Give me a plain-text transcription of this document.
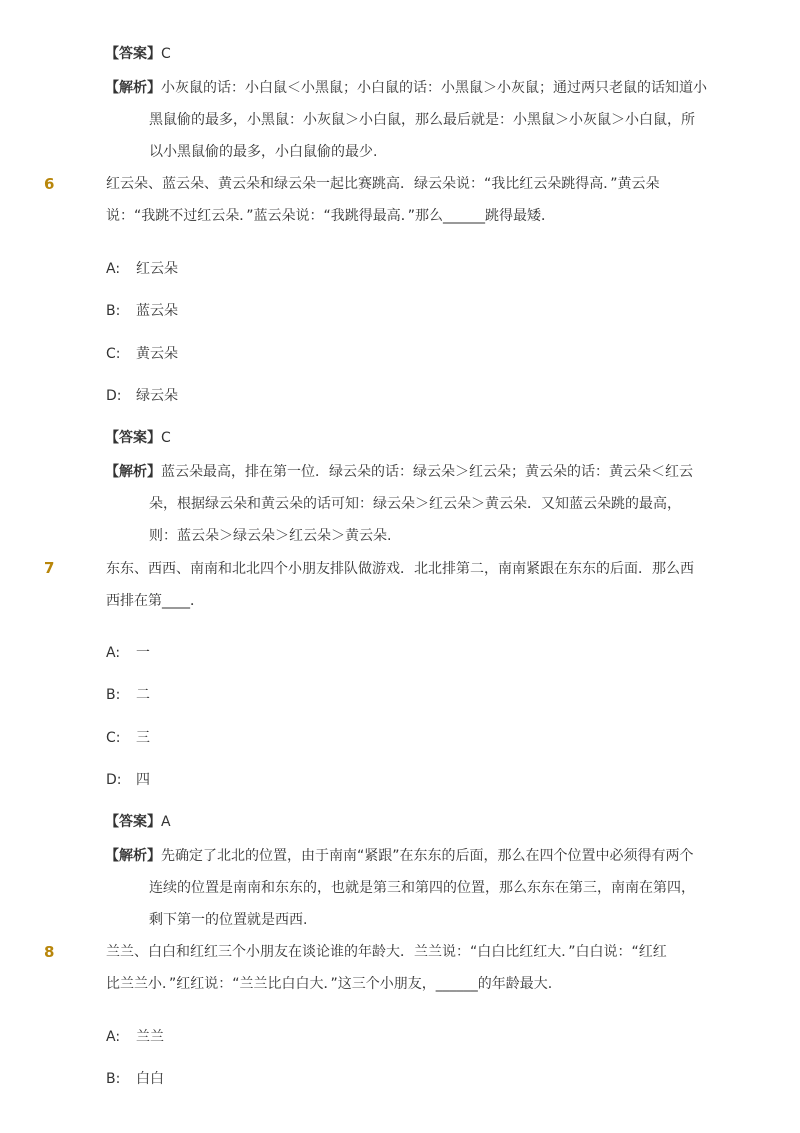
【答案】C
【解析】小灰鼠的话：小白鼠＜小黑鼠；小白鼠的话：小黑鼠＞小灰鼠；通过两只老鼠的话知道小
黑鼠偷的最多，小黑鼠：小灰鼠＞小白鼠，那么最后就是：小黑鼠＞小灰鼠＞小白鼠，所
以小黑鼠偷的最多，小白鼠偷的最少.
6	红云朵、蓝云朵、黄云朵和绿云朵一起比赛跳高．绿云朵说：“我比红云朵跳得高．”黄云朵
说：“我跳不过红云朵．”蓝云朵说：“我跳得最高．”那么______跳得最矮．
A: 红云朵
B: 蓝云朵
C: 黄云朵
D: 绿云朵
【答案】C
【解析】蓝云朵最高，排在第一位．绿云朵的话：绿云朵＞红云朵；黄云朵的话：黄云朵＜红云
朵，根据绿云朵和黄云朵的话可知：绿云朵＞红云朵＞黄云朵．又知蓝云朵跳的最高，
则：蓝云朵＞绿云朵＞红云朵＞黄云朵.
7	东东、西西、南南和北北四个小朋友排队做游戏．北北排第二，南南紧跟在东东的后面．那么西
西排在第____．
A: 一
B: 二
C: 三
D: 四
【答案】A
【解析】先确定了北北的位置，由于南南“紧跟”在东东的后面，那么在四个位置中必须得有两个
连续的位置是南南和东东的，也就是第三和第四的位置，那么东东在第三，南南在第四，
剩下第一的位置就是西西.
8	兰兰、白白和红红三个小朋友在谈论谁的年龄大．兰兰说：“白白比红红大．”白白说：“红红
比兰兰小．”红红说：“兰兰比白白大．”这三个小朋友，______的年龄最大.
A: 兰兰
B: 白白
